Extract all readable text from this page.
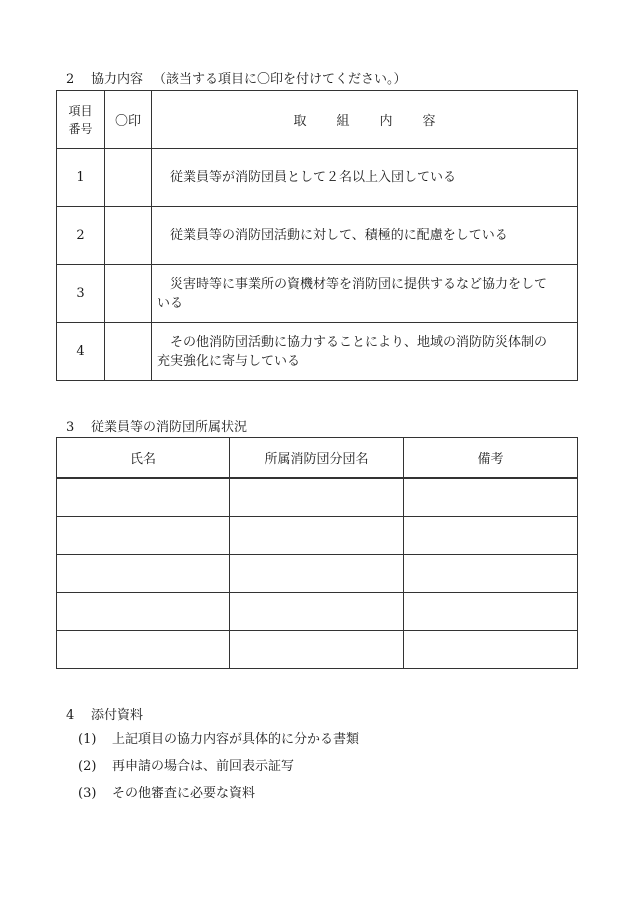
2 協力内容 （該当する項目に〇印を付けてください。）
項目
番号	〇印	取 組 内 容
1		従業員等が消防団員として２名以上入団している
2		従業員等の消防団活動に対して、積極的に配慮をしている
3		災害時等に事業所の資機材等を消防団に提供するなど協力をして
いる
4		その他消防団活動に協力することにより、地域の消防防災体制の
充実強化に寄与している
3 従業員等の消防団所属状況
氏名	所属消防団分団名	備考

4 添付資料
(1) 上記項目の協力内容が具体的に分かる書類
(2) 再申請の場合は、前回表示証写
(3) その他審査に必要な資料
